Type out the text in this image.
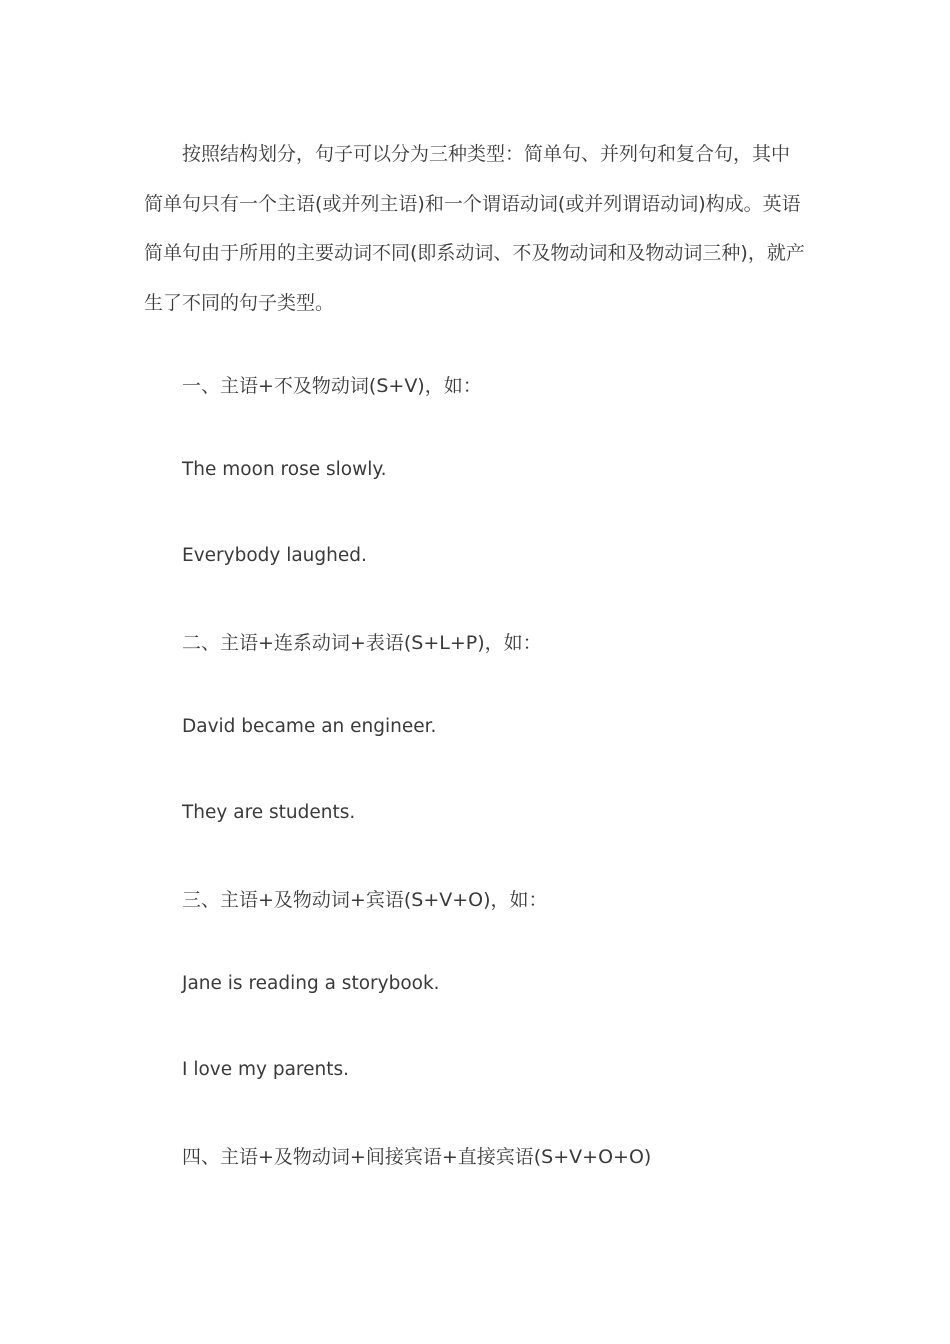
按照结构划分，句子可以分为三种类型：简单句、并列句和复合句，其中简单句只有一个主语(或并列主语)和一个谓语动词(或并列谓语动词)构成。英语简单句由于所用的主要动词不同(即系动词、不及物动词和及物动词三种)，就产生了不同的句子类型。

一、主语+不及物动词(S+V)，如：

The moon rose slowly.

Everybody laughed.

二、主语+连系动词+表语(S+L+P)，如：

David became an engineer.

They are students.

三、主语+及物动词+宾语(S+V+O)，如：

Jane is reading a storybook.

I love my parents.

四、主语+及物动词+间接宾语+直接宾语(S+V+O+O)
